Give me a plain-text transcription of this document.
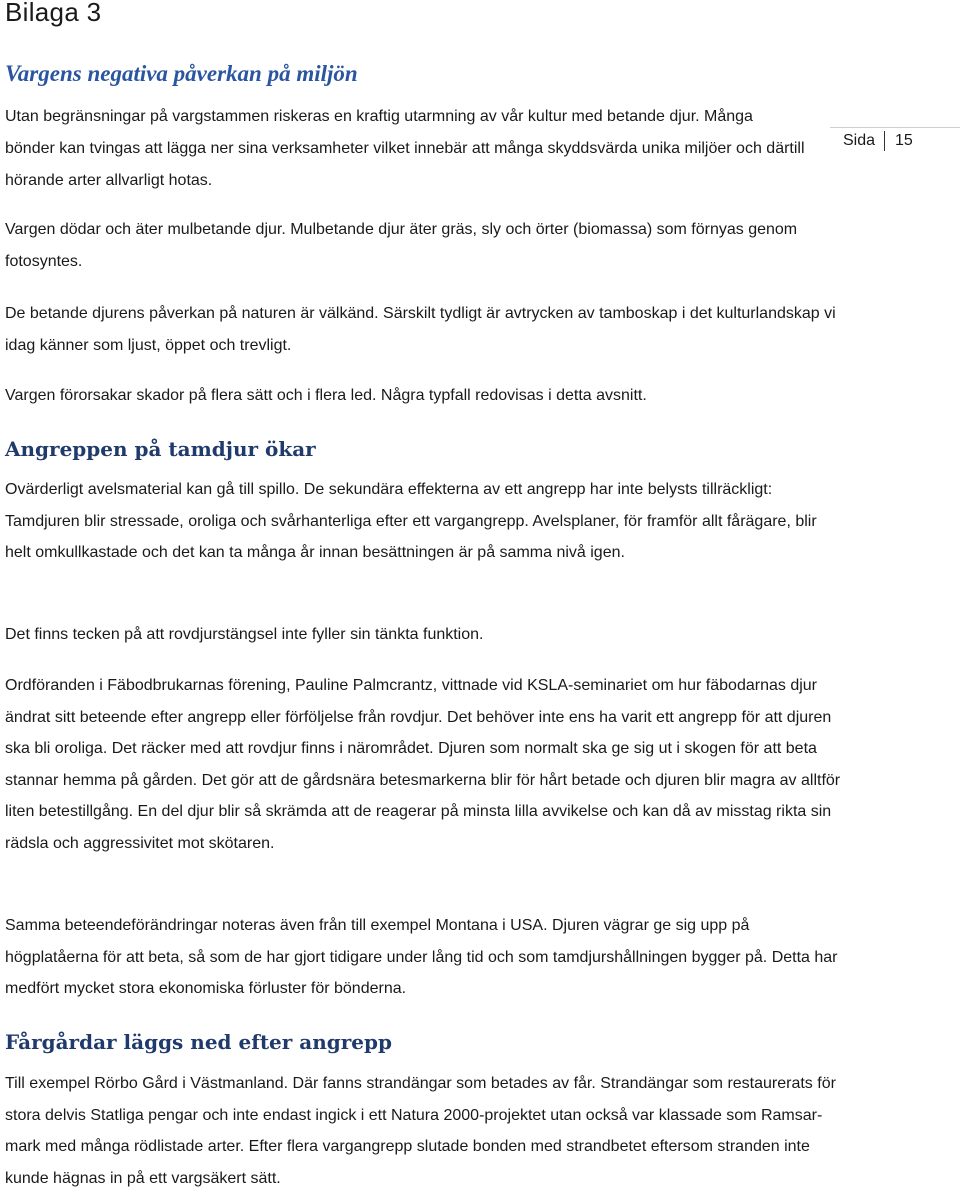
Sida 15
Bilaga 3
Vargens negativa påverkan på miljön

Utan begränsningar på vargstammen riskeras en kraftig utarmning av vår kultur med betande djur. Många bönder kan tvingas att lägga ner sina verksamheter vilket innebär att många skyddsvärda unika miljöer och därtill hörande arter allvarligt hotas.

Vargen dödar och äter mulbetande djur. Mulbetande djur äter gräs, sly och örter (biomassa) som förnyas genom fotosyntes.

De betande djurens påverkan på naturen är välkänd. Särskilt tydligt är avtrycken av tamboskap i det kulturlandskap vi idag känner som ljust, öppet och trevligt.

Vargen förorsakar skador på flera sätt och i flera led. Några typfall redovisas i detta avsnitt.

Angreppen på tamdjur ökar

Ovärderligt avelsmaterial kan gå till spillo. De sekundära effekterna av ett angrepp har inte belysts tillräckligt: Tamdjuren blir stressade, oroliga och svårhanterliga efter ett vargangrepp. Avelsplaner, för framför allt fårägare, blir helt omkullkastade och det kan ta många år innan besättningen är på samma nivå igen.

Det finns tecken på att rovdjurstängsel inte fyller sin tänkta funktion.

Ordföranden i Fäbodbrukarnas förening, Pauline Palmcrantz, vittnade vid KSLA-seminariet om hur fäbodarnas djur ändrat sitt beteende efter angrepp eller förföljelse från rovdjur. Det behöver inte ens ha varit ett angrepp för att djuren ska bli oroliga. Det räcker med att rovdjur finns i närområdet. Djuren som normalt ska ge sig ut i skogen för att beta stannar hemma på gården. Det gör att de gårdsnära betesmarkerna blir för hårt betade och djuren blir magra av alltför liten betestillgång. En del djur blir så skrämda att de reagerar på minsta lilla avvikelse och kan då av misstag rikta sin rädsla och aggressivitet mot skötaren.

Samma beteendeförändringar noteras även från till exempel Montana i USA. Djuren vägrar ge sig upp på högplatåerna för att beta, så som de har gjort tidigare under lång tid och som tamdjurshållningen bygger på. Detta har medfört mycket stora ekonomiska förluster för bönderna.

Fårgårdar läggs ned efter angrepp

Till exempel Rörbo Gård i Västmanland. Där fanns strandängar som betades av får. Strandängar som restaurerats för stora delvis Statliga pengar och inte endast ingick i ett Natura 2000-projektet utan också var klassade som Ramsar-mark med många rödlistade arter. Efter flera vargangrepp slutade bonden med strandbetet eftersom stranden inte kunde hägnas in på ett vargsäkert sätt.
